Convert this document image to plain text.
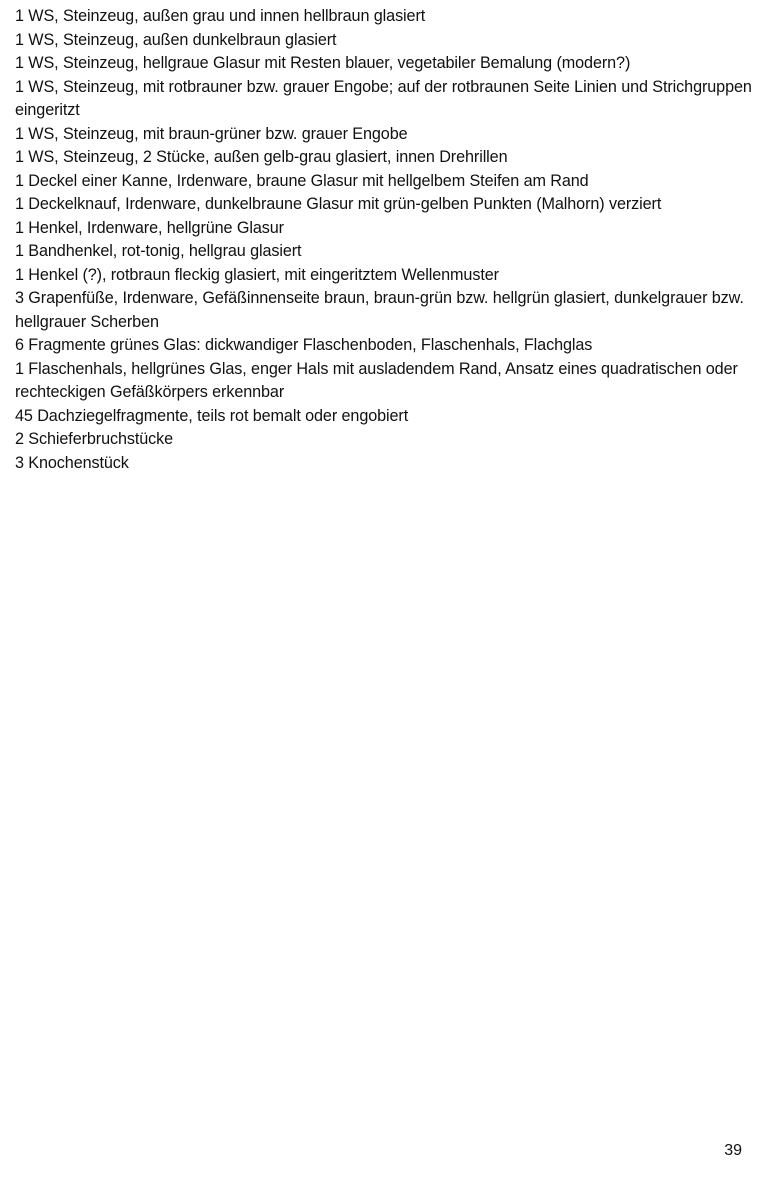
1 WS, Steinzeug, außen grau und innen hellbraun glasiert
1 WS, Steinzeug, außen dunkelbraun glasiert
1 WS, Steinzeug, hellgraue Glasur mit Resten blauer, vegetabiler Bemalung (modern?)
1 WS, Steinzeug, mit rotbrauner bzw. grauer Engobe; auf der rotbraunen Seite Linien und Strichgruppen eingeritzt
1 WS, Steinzeug, mit braun-grüner bzw. grauer Engobe
1 WS, Steinzeug, 2 Stücke, außen gelb-grau glasiert, innen Drehrillen
1 Deckel einer Kanne, Irdenware, braune Glasur mit hellgelbem Steifen am Rand
1 Deckelknauf, Irdenware, dunkelbraune Glasur mit grün-gelben Punkten (Malhorn) verziert
1 Henkel, Irdenware, hellgrüne Glasur
1 Bandhenkel, rot-tonig, hellgrau glasiert
1 Henkel (?), rotbraun fleckig glasiert, mit eingeritztem Wellenmuster
3 Grapenfüße, Irdenware, Gefäßinnenseite braun, braun-grün bzw. hellgrün glasiert, dunkelgrauer bzw. hellgrauer Scherben
6 Fragmente grünes Glas: dickwandiger Flaschenboden, Flaschenhals, Flachglas
1 Flaschenhals, hellgrünes Glas, enger Hals mit ausladendem Rand, Ansatz eines quadratischen oder rechteckigen Gefäßkörpers erkennbar
45 Dachziegelfragmente, teils rot bemalt oder engobiert
2 Schieferbruchstücke
3 Knochenstück
39
